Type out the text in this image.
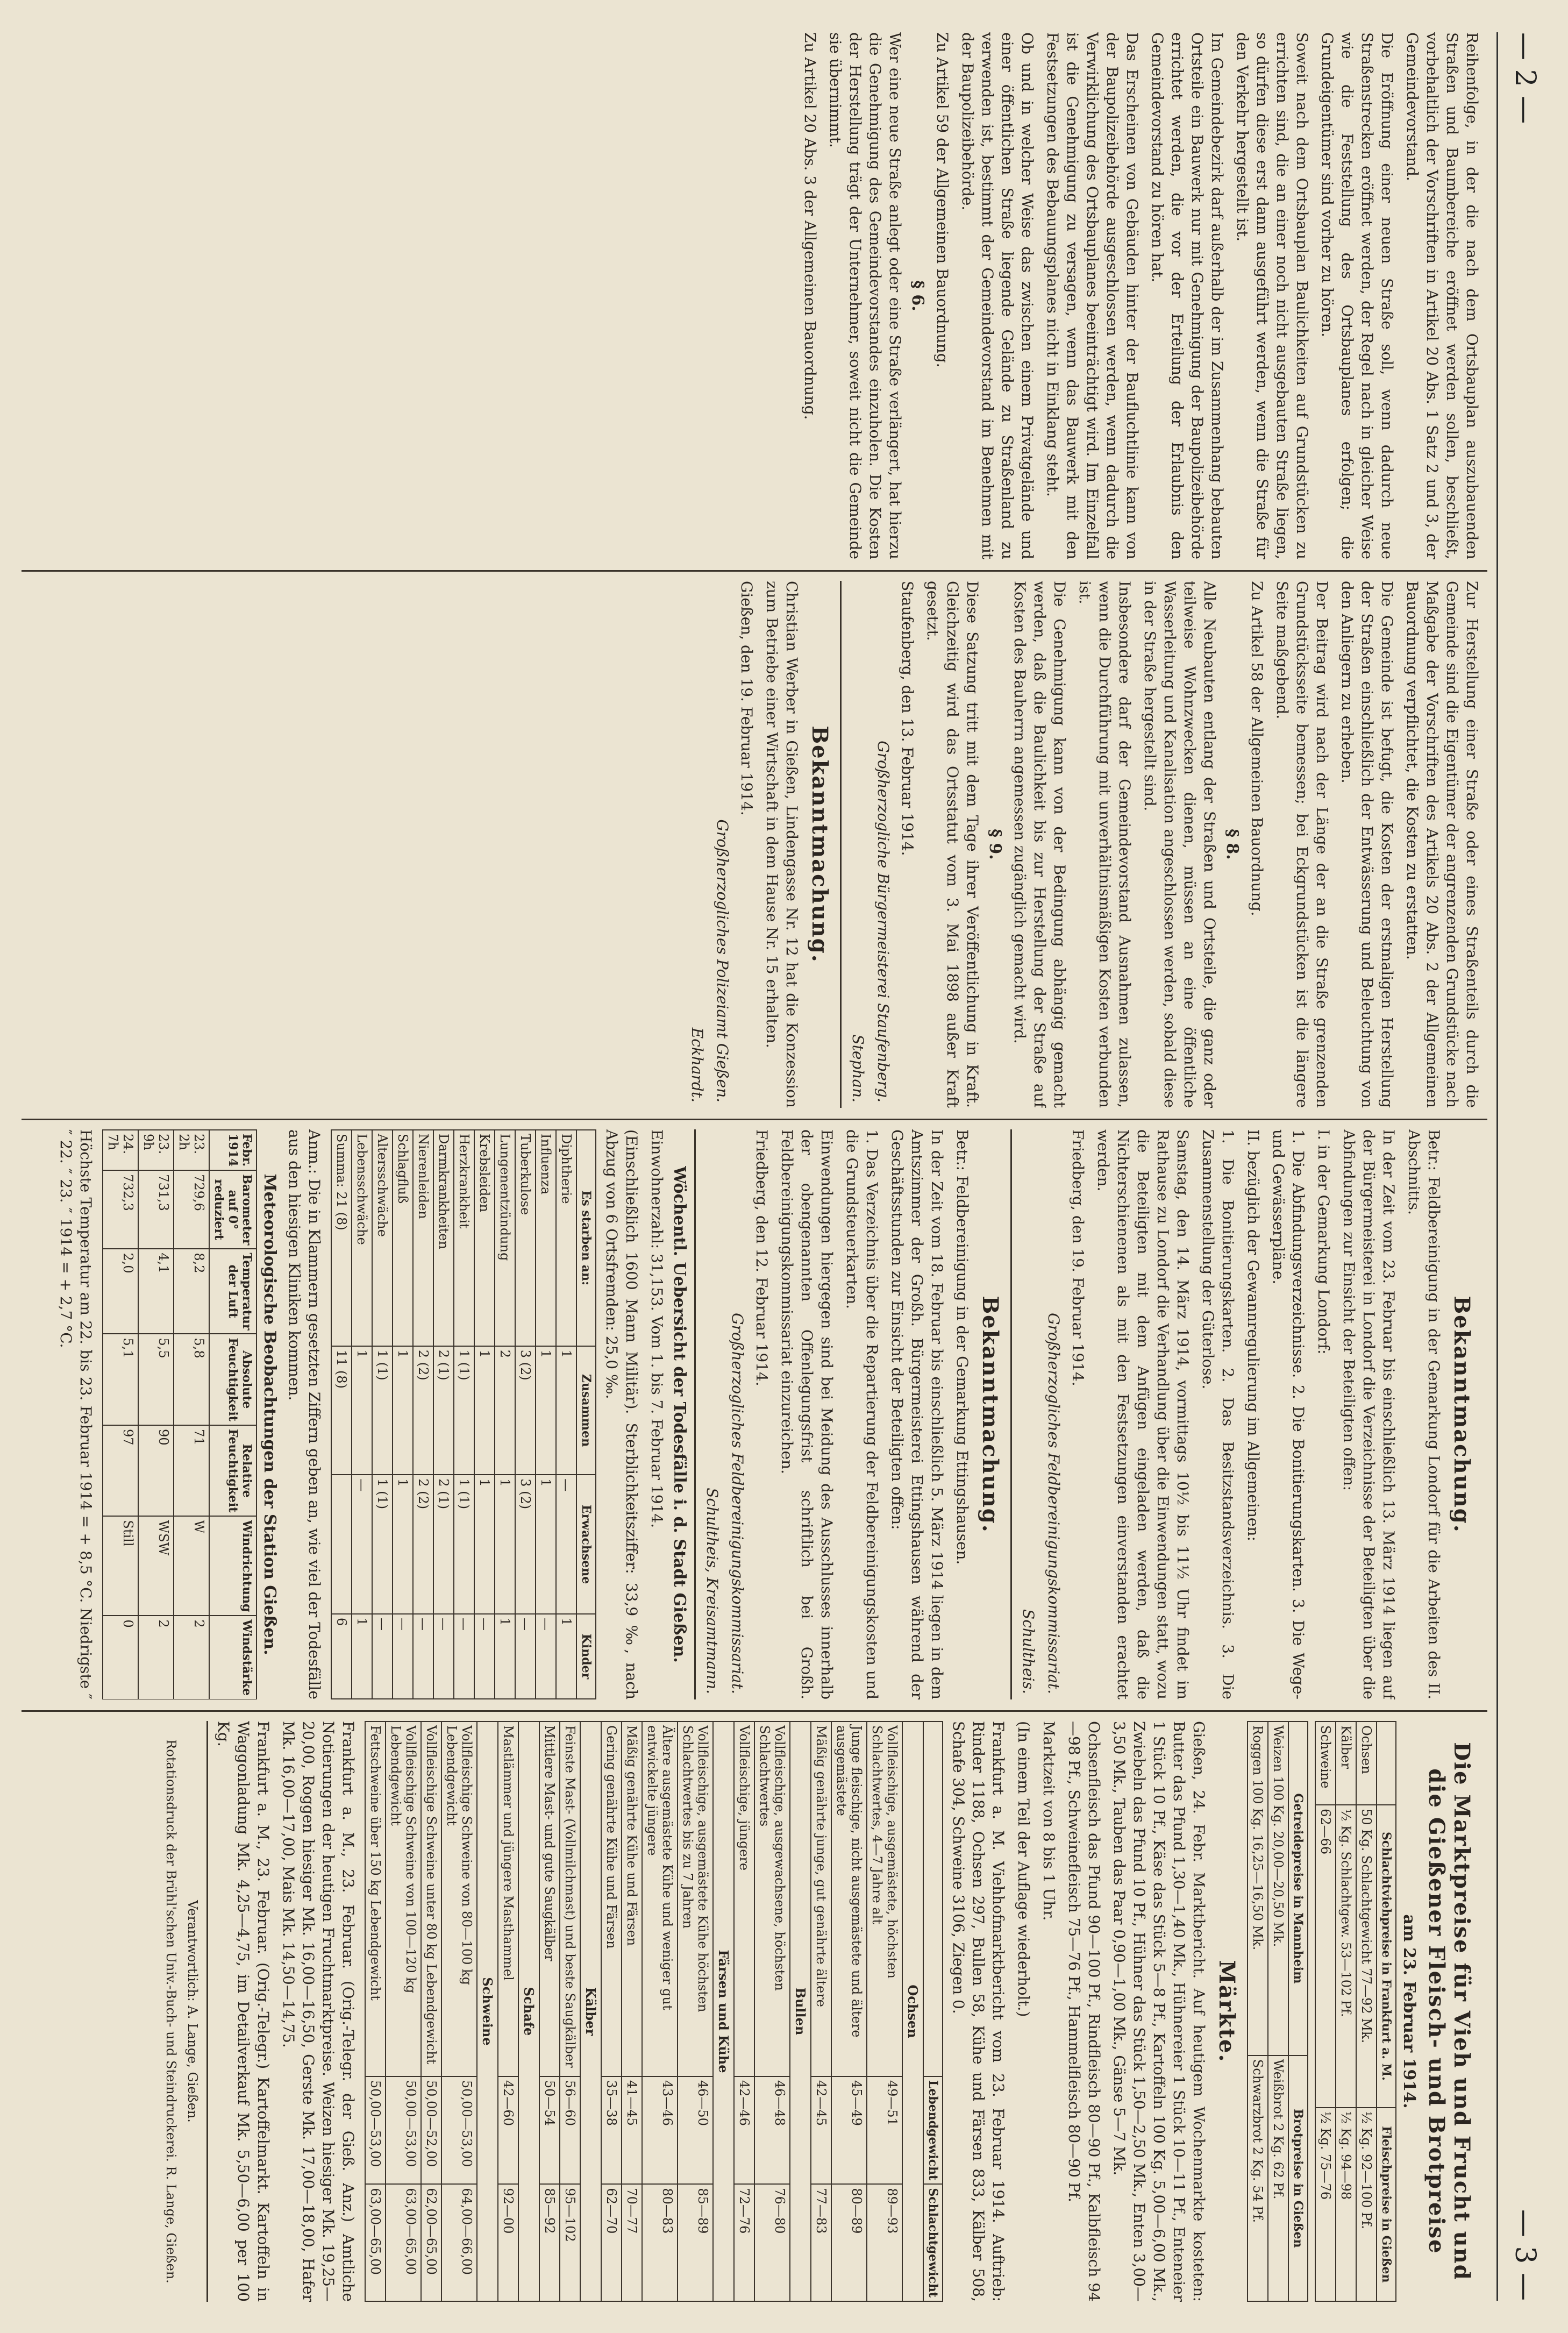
— 2 —
— 3 —

Reihenfolge, in der die nach dem Ortsbauplan auszubauenden Straßen und Baumbereiche eröffnet werden sollen, beschließt, vorbehaltlich der Vorschriften in Artikel 20 Abs. 1 Satz 2 und 3, der Gemeindevorstand.

Die Eröffnung einer neuen Straße soll, wenn dadurch neue Straßenstrecken eröffnet werden, der Regel nach in gleicher Weise wie die Feststellung des Ortsbauplanes erfolgen; die Grundeigentümer sind vorher zu hören.

Soweit nach dem Ortsbauplan Baulichkeiten auf Grundstücken zu errichten sind, die an einer noch nicht ausgebauten Straße liegen, so dürfen diese erst dann ausgeführt werden, wenn die Straße für den Verkehr hergestellt ist.

Im Gemeindebezirk darf außerhalb der im Zusammenhang bebauten Ortsteile ein Bauwerk nur mit Genehmigung der Baupolizeibehörde errichtet werden, die vor der Erteilung der Erlaubnis den Gemeindevorstand zu hören hat.

Das Erscheinen von Gebäuden hinter der Baufluchtlinie kann von der Baupolizeibehörde ausgeschlossen werden, wenn dadurch die Verwirklichung des Ortsbauplanes beeinträchtigt wird. Im Einzelfall ist die Genehmigung zu versagen, wenn das Bauwerk mit den Festsetzungen des Bebauungsplanes nicht in Einklang steht.

Ob und in welcher Weise das zwischen einem Privatgelände und einer öffentlichen Straße liegende Gelände zu Straßenland zu verwenden ist, bestimmt der Gemeindevorstand im Benehmen mit der Baupolizeibehörde.

Zu Artikel 59 der Allgemeinen Bauordnung.

§ 6.

Wer eine neue Straße anlegt oder eine Straße verlängert, hat hierzu die Genehmigung des Gemeindevorstandes einzuholen. Die Kosten der Herstellung trägt der Unternehmer, soweit nicht die Gemeinde sie übernimmt.

Zu Artikel 20 Abs. 3 der Allgemeinen Bauordnung.

Zur Herstellung einer Straße oder eines Straßenteils durch die Gemeinde sind die Eigentümer der angrenzenden Grundstücke nach Maßgabe der Vorschriften des Artikels 20 Abs. 2 der Allgemeinen Bauordnung verpflichtet, die Kosten zu erstatten.

Die Gemeinde ist befugt, die Kosten der erstmaligen Herstellung der Straßen einschließlich der Entwässerung und Beleuchtung von den Anliegern zu erheben.

Der Beitrag wird nach der Länge der an die Straße grenzenden Grundstücksseite bemessen; bei Eckgrundstücken ist die längere Seite maßgebend.

Zu Artikel 58 der Allgemeinen Bauordnung.

§ 8.

Alle Neubauten entlang der Straßen und Ortsteile, die ganz oder teilweise Wohnzwecken dienen, müssen an eine öffentliche Wasserleitung und Kanalisation angeschlossen werden, sobald diese in der Straße hergestellt sind.

Insbesondere darf der Gemeindevorstand Ausnahmen zulassen, wenn die Durchführung mit unverhältnismäßigen Kosten verbunden ist.

Die Genehmigung kann von der Bedingung abhängig gemacht werden, daß die Baulichkeit bis zur Herstellung der Straße auf Kosten des Bauherrn angemessen zugänglich gemacht wird.

§ 9.

Diese Satzung tritt mit dem Tage ihrer Veröffentlichung in Kraft. Gleichzeitig wird das Ortsstatut vom 3. Mai 1898 außer Kraft gesetzt.

Staufenberg, den 13. Februar 1914.

Großherzogliche Bürgermeisterei Staufenberg.
Stephan.
Bekanntmachung.

Christian Werber in Gießen, Lindengasse Nr. 12 hat die Konzession zum Betriebe einer Wirtschaft in dem Hause Nr. 15 erhalten.

Gießen, den 19. Februar 1914.

Großherzogliches Polizeiamt Gießen.
Eckhardt.
Bekanntmachung.

Betr.: Feldbereinigung in der Gemarkung Londorf für die Arbeiten des II. Abschnitts.

In der Zeit vom 23. Februar bis einschließlich 13. März 1914 liegen auf der Bürgermeisterei in Londorf die Verzeichnisse der Beteiligten über die Abfindungen zur Einsicht der Beteiligten offen:

I. in der Gemarkung Londorf:

1. Die Abfindungsverzeichnisse. 2. Die Bonitierungskarten. 3. Die Wege- und Gewässerpläne.

II. bezüglich der Gewannregulierung im Allgemeinen:

1. Die Bonitierungskarten. 2. Das Besitzstandsverzeichnis. 3. Die Zusammenstellung der Güterlose.

Samstag, den 14. März 1914, vormittags 10½ bis 11½ Uhr findet im Rathause zu Londorf die Verhandlung über die Einwendungen statt, wozu die Beteiligten mit dem Anfügen eingeladen werden, daß die Nichterschienenen als mit den Festsetzungen einverstanden erachtet werden.

Friedberg, den 19. Februar 1914.

Großherzogliches Feldbereinigungskommissariat.
Schultheis.
Bekanntmachung.

Betr.: Feldbereinigung in der Gemarkung Ettingshausen.

In der Zeit vom 18. Februar bis einschließlich 5. März 1914 liegen in dem Amtszimmer der Großh. Bürgermeisterei Ettingshausen während der Geschäftsstunden zur Einsicht der Beteiligten offen:

1. Das Verzeichnis über die Repartierung der Feldbereinigungskosten und die Grundsteuerkarten.

Einwendungen hiergegen sind bei Meidung des Ausschlusses innerhalb der obengenannten Offenlegungsfrist schriftlich bei Großh. Feldbereinigungskommissariat einzureichen.

Friedberg, den 12. Februar 1914.

Großherzogliches Feldbereinigungskommissariat.
Schultheis, Kreisamtmann.
Wöchentl. Uebersicht der Todesfälle i. d. Stadt Gießen.

Einwohnerzahl: 31,153. Vom 1. bis 7. Februar 1914.

(Einschließlich 1600 Mann Militär). Sterblichkeitsziffer: 33,9 ‰, nach Abzug von 6 Ortsfremden: 25,0 ‰.

Es starben an:	Zusammen	Erwachsene	Kinder
Diphtherie	1	—	1
Influenza	1	1	—
Tuberkulose	3 (2)	3 (2)	—
Lungenentzündung	2	1	1
Krebsleiden	1	1	—
Herzkrankheit	1 (1)	1 (1)	—
Darmkrankheiten	2 (1)	2 (1)	—
Nierenleiden	2 (2)	2 (2)	—
Schlagfluß	1	1	—
Altersschwäche	1 (1)	1 (1)	—
Lebensschwäche	1	—	1
Summa: 21 (8)	11 (8)		6

Anm.: Die in Klammern gesetzten Ziffern geben an, wie viel der Todesfälle aus den hiesigen Kliniken kommen.

Meteorologische Beobachtungen der Station Gießen.
Febr. 1914	Barometer auf 0° reduziert	Temperatur der Luft	Absolute Feuchtigkeit	Relative Feuchtigkeit	Windrichtung	Windstärke		
23. 2h	729,6	8,2	5,8	71	W	2		
23. 9h	731,3	4,1	5,5	90	WSW	2		
24. 7h	732,3	2,0	5,1	97	Still	0		

Höchste Temperatur am 22. bis 23. Februar 1914 = + 8,5 °C. Niedrigste ″ ″ 22. ″ 23. ″ 1914 = + 2,7 °C.

Die Marktpreise für Vieh und Frucht und die Gießener Fleisch- und Brotpreise
am 23. Februar 1914.
	Schlachtviehpreise in Frankfurt a. M.	Fleischpreise in Gießen
Ochsen	50 Kg. Schlachtgewicht 77—92 Mk.	½ Kg. 92—100 Pf.
Kälber	½ Kg. Schlachtgew. 53—102 Pf.	½ Kg. 94—98
Schweine	62—66	½ Kg. 75—76
Getreidepreise in Mannheim	Brotpreise in Gießen
Weizen 100 Kg. 20,00—20,50 Mk.	Weißbrot 2 Kg. 62 Pf.
Roggen 100 Kg. 16,25—16,50 Mk.	Schwarzbrot 2 Kg. 54 Pf.
Märkte.

Gießen, 24. Febr. Marktbericht. Auf heutigem Wochenmarkte kosteten: Butter das Pfund 1,30—1,40 Mk., Hühnereier 1 Stück 10—11 Pf., Enteneier 1 Stück 10 Pf., Käse das Stück 5—8 Pf., Kartoffeln 100 Kg. 5,00—6,00 Mk., Zwiebeln das Pfund 10 Pf., Hühner das Stück 1,50—2,50 Mk., Enten 3,00—3,50 Mk., Tauben das Paar 0,90—1,00 Mk., Gänse 5—7 Mk.

Ochsenfleisch das Pfund 90—100 Pf., Rindfleisch 80—90 Pf., Kalbfleisch 94—98 Pf., Schweinefleisch 75—76 Pf., Hammelfleisch 80—90 Pf.

Marktzeit von 8 bis 1 Uhr.

(In einem Teil der Auflage wiederholt.)

Frankfurt a. M. Viehhofmarktbericht vom 23. Februar 1914. Auftrieb: Rinder 1188, Ochsen 297, Bullen 58, Kühe und Färsen 833, Kälber 508, Schafe 304, Schweine 3106, Ziegen 0.

	Lebendgewicht	Schlachtgewicht
Ochsen		
Vollfleischige, ausgemästete, höchsten Schlachtwertes, 4—7 Jahre alt	49—51	89—93
Junge fleischige, nicht ausgemästete und ältere ausgemästete	45—49	80—89
Mäßig genährte junge, gut genährte ältere	42—45	77—83
Bullen		
Vollfleischige, ausgewachsene, höchsten Schlachtwertes	46—48	76—80
Vollfleischige, jüngere	42—46	72—76
Färsen und Kühe		
Vollfleischige, ausgemästete Kühe höchsten Schlachtwertes bis zu 7 Jahren	46—50	85—89
Ältere ausgemästete Kühe und weniger gut entwickelte jüngere	43—46	80—83
Mäßig genährte Kühe und Färsen	41—45	70—77
Gering genährte Kühe und Färsen	35—38	62—70
Kälber		
Feinste Mast- (Vollmilchmast) und beste Saugkälber	56—60	95—102
Mittlere Mast- und gute Saugkälber	50—54	85—92
Schafe		
Mastlämmer und jüngere Masthammel	42—60	92—00
Schweine		
Vollfleischige Schweine von 80—100 kg Lebendgewicht	50,00—53,00	64,00—66,00
Vollfleischige Schweine unter 80 kg Lebendgewicht	50,00—52,00	62,00—65,00
Vollfleischige Schweine von 100—120 kg Lebendgewicht	50,00—53,00	63,00—65,00
Fettschweine über 150 kg Lebendgewicht	50,00—53,00	63,00—65,00

Frankfurt a. M., 23. Februar. (Orig.-Telegr. der Gieß. Anz.) Amtliche Notierungen der heutigen Fruchtmarktpreise. Weizen hiesiger Mk. 19,25—20,00, Roggen hiesiger Mk. 16,00—16,50, Gerste Mk. 17,00—18,00, Hafer Mk. 16,00—17,00, Mais Mk. 14,50—14,75.

Frankfurt a. M., 23. Februar. (Orig.-Telegr.) Kartoffelmarkt. Kartoffeln in Waggonladung Mk. 4,25—4,75, im Detailverkauf Mk. 5,50—6,00 per 100 Kg.

Verantwortlich: A. Lange, Gießen.
Rotationsdruck der Brühl'schen Univ.-Buch- und Steindruckerei. R. Lange, Gießen.
